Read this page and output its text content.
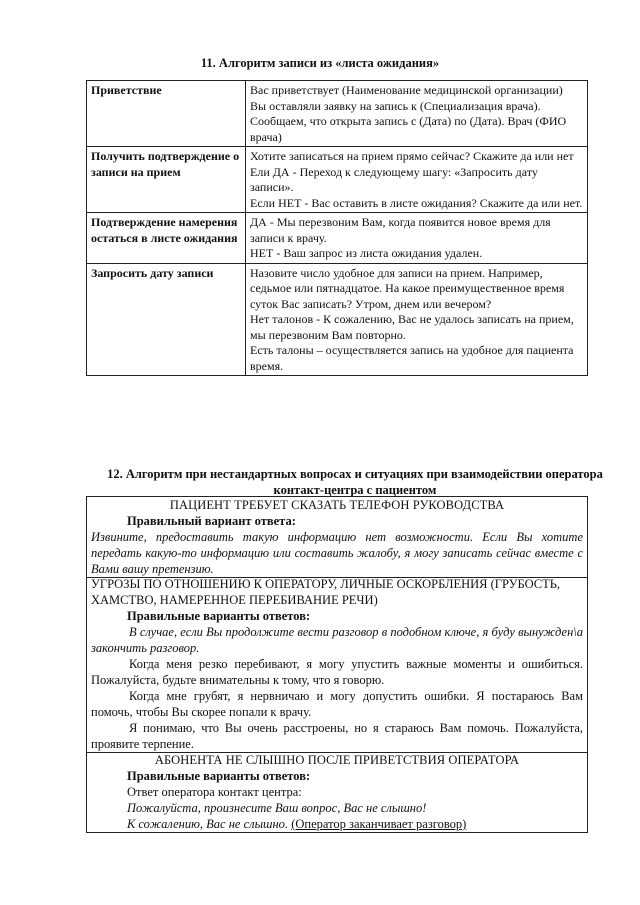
11. Алгоритм записи из «листа ожидания»
Приветствие	Вас приветствует (Наименование медицинской организации)
Вы оставляли заявку на запись к (Специализация врача). Сообщаем, что открыта запись с (Дата) по (Дата). Врач (ФИО врача)

Получить подтверждение о записи на прием	Хотите записаться на прием прямо сейчас? Скажите да или нет
Ели ДА - Переход к следующему шагу: «Запросить дату записи».
Если НЕТ - Вас оставить в листе ожидания? Скажите да или нет.

Подтверждение намерения остаться в листе ожидания	ДА - Мы перезвоним Вам, когда появится новое время для записи к врачу.
НЕТ - Ваш запрос из листа ожидания удален.

Запросить дату записи	Назовите число удобное для записи на прием. Например, седьмое или пятнадцатое. На какое преимущественное время суток Вас записать? Утром, днем или вечером?
Нет талонов - К сожалению, Вас не удалось записать на прием, мы перезвоним Вам повторно.
Есть талоны – осуществляется запись на удобное для пациента время.
12. Алгоритм при нестандартных вопросах и ситуациях при взаимодействии оператора контакт-центра с пациентом
ПАЦИЕНТ ТРЕБУЕТ СКАЗАТЬ ТЕЛЕФОН РУКОВОДСТВА
Правильный вариант ответа:
Извините, предоставить такую информацию нет возможности. Если Вы хотите передать какую-то информацию или составить жалобу, я могу записать сейчас вместе с Вами вашу претензию.
УГРОЗЫ ПО ОТНОШЕНИЮ К ОПЕРАТОРУ, ЛИЧНЫЕ ОСКОРБЛЕНИЯ (ГРУБОСТЬ, ХАМСТВО, НАМЕРЕННОЕ ПЕРЕБИВАНИЕ РЕЧИ)
Правильные варианты ответов:
В случае, если Вы продолжите вести разговор в подобном ключе, я буду вынужден\а закончить разговор.
Когда меня резко перебивают, я могу упустить важные моменты и ошибиться. Пожалуйста, будьте внимательны к тому, что я говорю.
Когда мне грубят, я нервничаю и могу допустить ошибки. Я постараюсь Вам помочь, чтобы Вы скорее попали к врачу.
Я понимаю, что Вы очень расстроены, но я стараюсь Вам помочь. Пожалуйста, проявите терпение.
АБОНЕНТА НЕ СЛЫШНО ПОСЛЕ ПРИВЕТСТВИЯ ОПЕРАТОРА
Правильные варианты ответов:
Ответ оператора контакт центра:
Пожалуйста, произнесите Ваш вопрос, Вас не слышно!
К сожалению, Вас не слышно. (Оператор заканчивает разговор)
